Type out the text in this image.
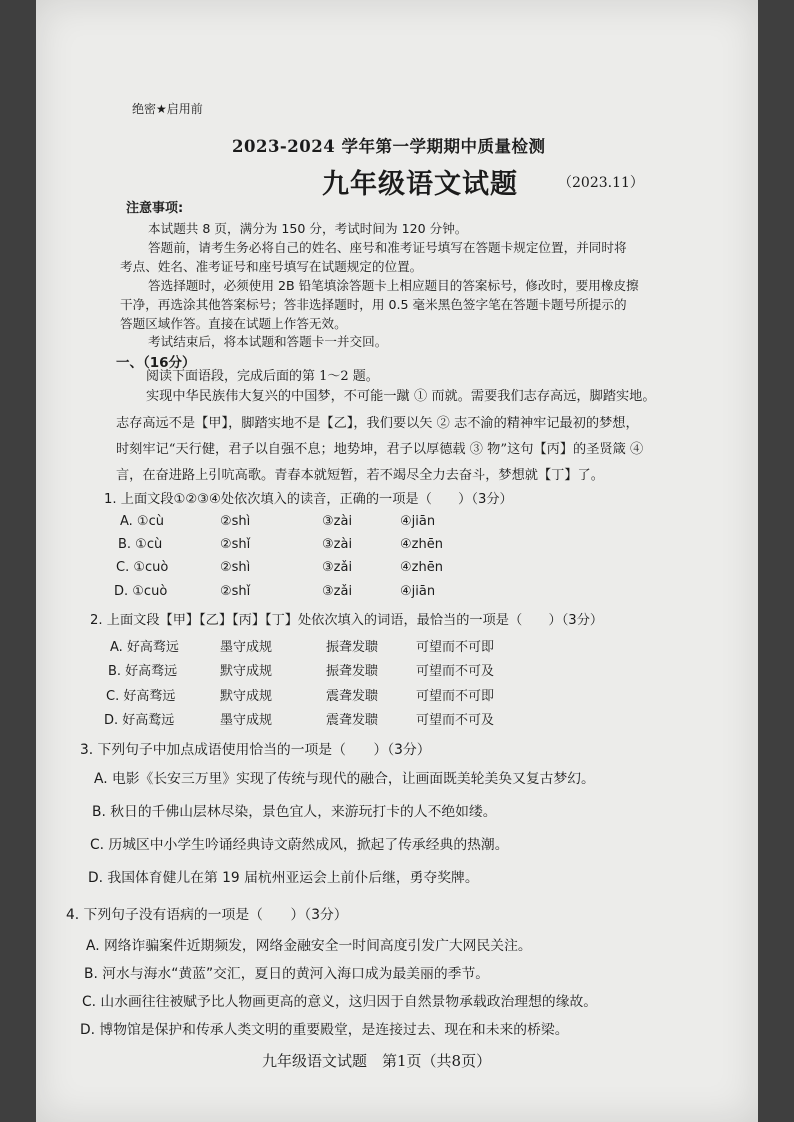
绝密★启用前
2023-2024 学年第一学期期中质量检测
九年级语文试题	（2023.11）
注意事项:
本试题共 8 页，满分为 150 分，考试时间为 120 分钟。
答题前，请考生务必将自己的姓名、座号和准考证号填写在答题卡规定位置，并同时将
考点、姓名、准考证号和座号填写在试题规定的位置。
答选择题时，必须使用 2B 铅笔填涂答题卡上相应题目的答案标号，修改时，要用橡皮擦
干净，再选涂其他答案标号；答非选择题时，用 0.5 毫米黑色签字笔在答题卡题号所提示的
答题区域作答。直接在试题上作答无效。
考试结束后，将本试题和答题卡一并交回。
一、（16分）
阅读下面语段，完成后面的第 1～2 题。
实现中华民族伟大复兴的中国梦，不可能一蹴 ① 而就。需要我们志存高远，脚踏实地。
志存高远不是【甲】，脚踏实地不是【乙】，我们要以矢 ② 志不渝的精神牢记最初的梦想，
时刻牢记“天行健，君子以自强不息；地势坤，君子以厚德载 ③ 物”这句【丙】的圣贤箴 ④
言，在奋进路上引吭高歌。青春本就短暂，若不竭尽全力去奋斗，梦想就【丁】了。
1. 上面文段①②③④处依次填入的读音，正确的一项是（　　）（3分）
A. ①cù	②shì	③zài	④jiān
B. ①cù	②shǐ	③zài	④zhēn
C. ①cuò	②shì	③zǎi	④zhēn
D. ①cuò	②shǐ	③zǎi	④jiān
2. 上面文段【甲】【乙】【丙】【丁】处依次填入的词语，最恰当的一项是（　　）（3分）
A. 好高骛远	墨守成规	振聋发聩	可望而不可即
B. 好高骛远	默守成规	振聋发聩	可望而不可及
C. 好高骛远	默守成规	震聋发聩	可望而不可即
D. 好高鹜远	墨守成规	震聋发聩	可望而不可及
3. 下列句子中加点成语使用恰当的一项是（　　）（3分）
A. 电影《长安三万里》实现了传统与现代的融合，让画面既美轮美奂又复古梦幻。
B. 秋日的千佛山层林尽染，景色宜人，来游玩打卡的人不绝如缕。
C. 历城区中小学生吟诵经典诗文蔚然成风，掀起了传承经典的热潮。
D. 我国体育健儿在第 19 届杭州亚运会上前仆后继，勇夺奖牌。
4. 下列句子没有语病的一项是（　　）（3分）
A. 网络诈骗案件近期频发，网络金融安全一时间高度引发广大网民关注。
B. 河水与海水“黄蓝”交汇，夏日的黄河入海口成为最美丽的季节。
C. 山水画往往被赋予比人物画更高的意义，这归因于自然景物承载政治理想的缘故。
D. 博物馆是保护和传承人类文明的重要殿堂，是连接过去、现在和未来的桥梁。
九年级语文试题　第1页（共8页）
